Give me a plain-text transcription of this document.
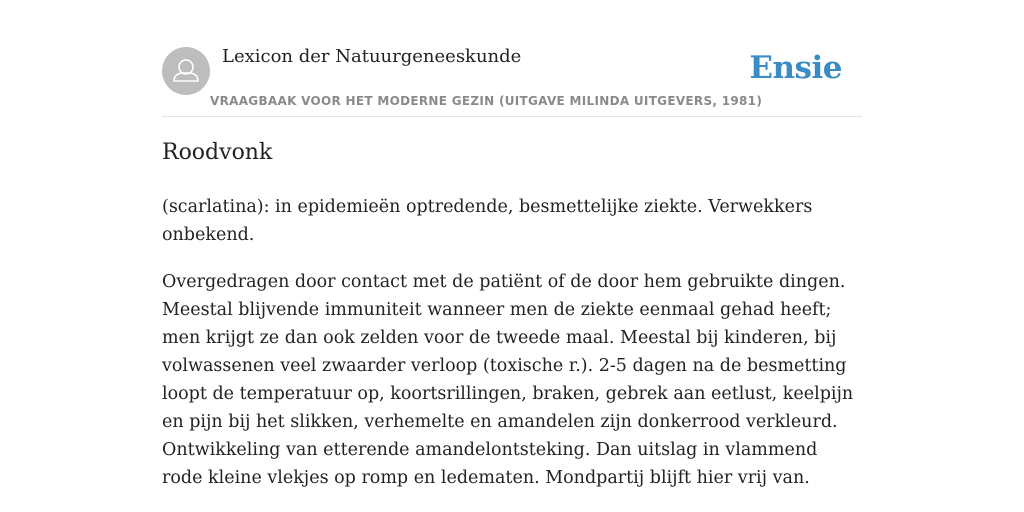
Lexicon der Natuurgeneeskunde
VRAAGBAAK VOOR HET MODERNE GEZIN (UITGAVE MILINDA UITGEVERS, 1981)
Ensie
Roodvonk

(scarlatina): in epidemieën optredende, besmettelijke ziekte. Verwekkers onbekend.

Overgedragen door contact met de patiënt of de door hem gebruikte dingen. Meestal blijvende immuniteit wanneer men de ziekte eenmaal gehad heeft; men krijgt ze dan ook zelden voor de tweede maal. Meestal bij kinderen, bij volwassenen veel zwaarder verloop (toxische r.). 2-5 dagen na de besmetting loopt de temperatuur op, koortsrillingen, braken, gebrek aan eetlust, keelpijn en pijn bij het slikken, verhemelte en amandelen zijn donkerrood verkleurd. Ontwikkeling van etterende amandelontsteking. Dan uitslag in vlammend rode kleine vlekjes op romp en ledematen. Mondpartij blijft hier vrij van.
